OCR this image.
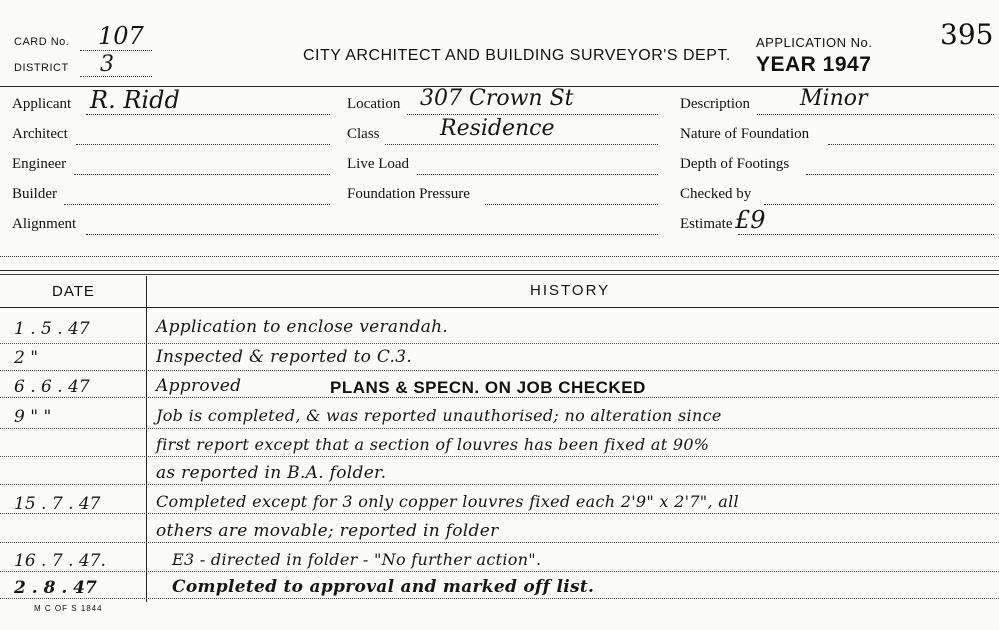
CARD No. 107
DISTRICT 3	CITY ARCHITECT AND BUILDING SURVEYOR'S DEPT.
APPLICATION No. 395
YEAR 1947
Applicant R. Ridd
Architect
Engineer
Builder
Alignment
Location 307 Crown St
Class	Residence
Live Load
Foundation Pressure
Description Minor
Nature of Foundation
Depth of Footings
Checked by
Estimate £9
DATE	HISTORY
1 . 5 . 47	Application to enclose verandah.
2 "	Inspected & reported to C.3.
6 . 6 . 47	Approved	PLANS & SPECN. ON JOB CHECKED
9 " "	Job is completed, & was reported unauthorised; no alteration since
first report except that a section of louvres has been fixed at 90%
as reported in B.A. folder.
15 . 7 . 47	Completed except for 3 only copper louvres fixed each 2'9" x 2'7", all
others are movable; reported in folder
16 . 7 . 47.	E3 - directed in folder - "No further action".
2 . 8 . 47	Completed to approval and marked off list.
M C OF S 1844
